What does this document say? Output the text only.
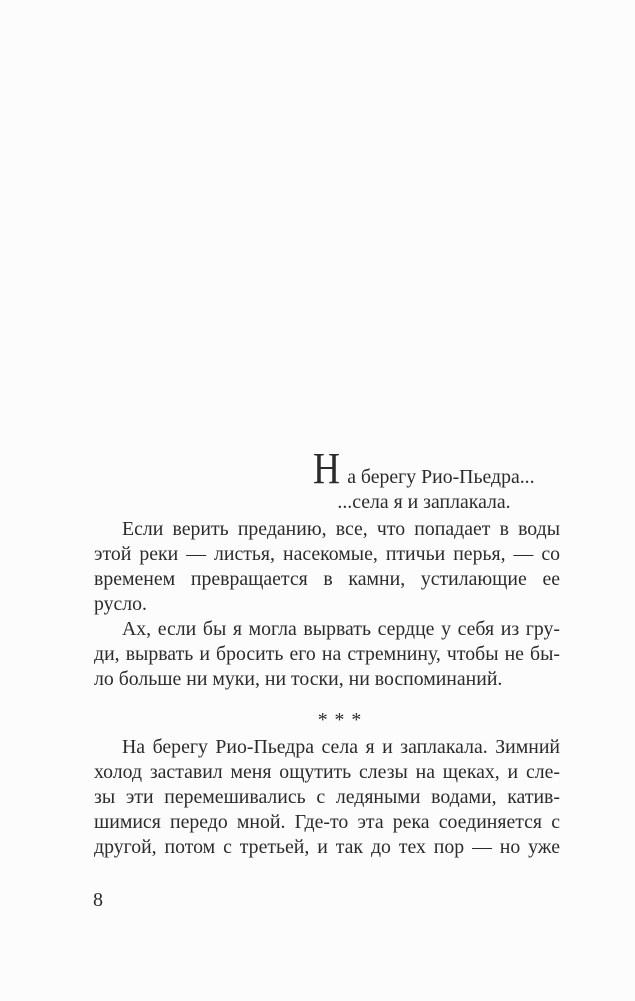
На берегу Рио-Пьедра...
...села я и заплакала.
Если верить преданию, все, что попадает в воды
этой реки — листья, насекомые, птичьи перья, — со
временем превращается в камни, устилающие ее
русло.
Ах, если бы я могла вырвать сердце у себя из гру-
ди, вырвать и бросить его на стремнину, чтобы не бы-
ло больше ни муки, ни тоски, ни воспоминаний.
* * *
На берегу Рио-Пьедра села я и заплакала. Зимний
холод заставил меня ощутить слезы на щеках, и сле-
зы эти перемешивались с ледяными водами, катив-
шимися передо мной. Где-то эта река соединяется с
другой, потом с третьей, и так до тех пор — но уже
8
